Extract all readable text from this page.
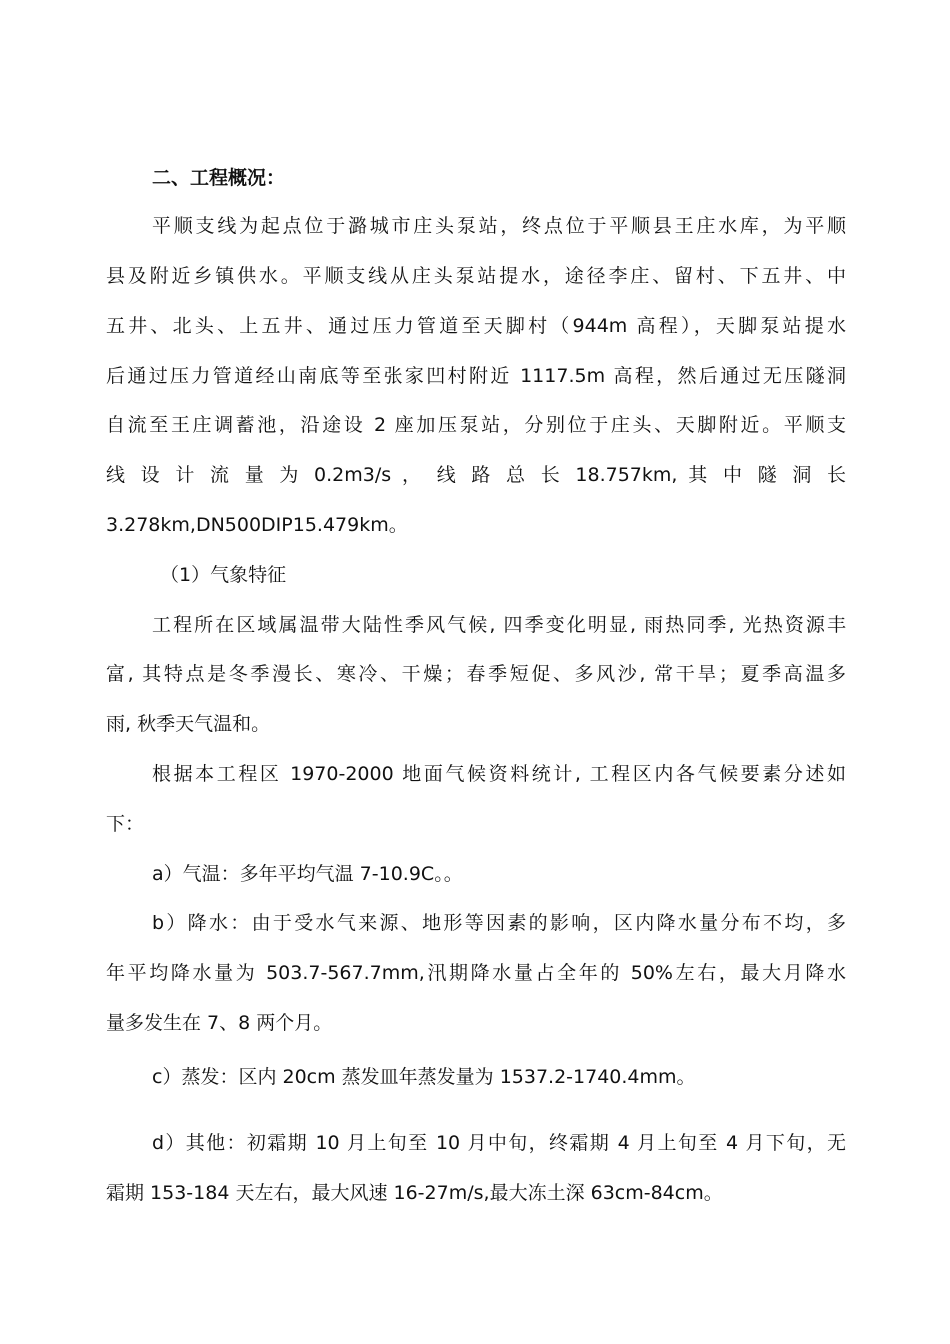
二、工程概况：
平顺支线为起点位于潞城市庄头泵站，终点位于平顺县王庄水库，为平顺
县及附近乡镇供水。平顺支线从庄头泵站提水，途径李庄、留村、下五井、中
五井、北头、上五井、通过压力管道至天脚村（944m 高程），天脚泵站提水
后通过压力管道经山南底等至张家凹村附近 1117.5m 高程，然后通过无压隧洞
自流至王庄调蓄池，沿途设 2 座加压泵站，分别位于庄头、天脚附近。平顺支
线 设 计 流 量 为 0.2m3/s ， 线 路 总 长 18.757km, 其 中 隧 洞 长
3.278km,DN500DIP15.479km。
（1）气象特征
工程所在区域属温带大陆性季风气候, 四季变化明显, 雨热同季, 光热资源丰
富, 其特点是冬季漫长、寒冷、干燥；春季短促、多风沙, 常干旱；夏季高温多
雨, 秋季天气温和。
根据本工程区 1970-2000 地面气候资料统计, 工程区内各气候要素分述如
下：
a）气温：多年平均气温 7-10.9C。。
b）降水：由于受水气来源、地形等因素的影响，区内降水量分布不均，多
年平均降水量为 503.7-567.7mm,汛期降水量占全年的 50%左右，最大月降水
量多发生在 7、8 两个月。
c）蒸发：区内 20cm 蒸发皿年蒸发量为 1537.2-1740.4mm。
d）其他：初霜期 10 月上旬至 10 月中旬，终霜期 4 月上旬至 4 月下旬，无
霜期 153-184 天左右，最大风速 16-27m/s,最大冻土深 63cm-84cm。
